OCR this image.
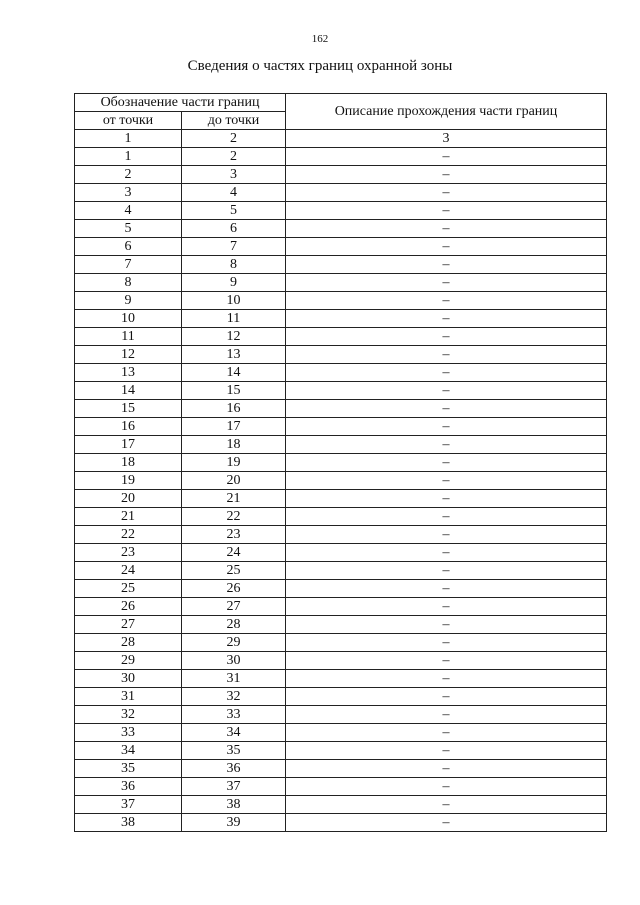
162
Сведения о частях границ охранной зоны
Обозначение части границ		Описание прохождения части границ
от точки	до точки	
1	2	3
1	2	–
2	3	–
3	4	–
4	5	–
5	6	–
6	7	–
7	8	–
8	9	–
9	10	–
10	11	–
11	12	–
12	13	–
13	14	–
14	15	–
15	16	–
16	17	–
17	18	–
18	19	–
19	20	–
20	21	–
21	22	–
22	23	–
23	24	–
24	25	–
25	26	–
26	27	–
27	28	–
28	29	–
29	30	–
30	31	–
31	32	–
32	33	–
33	34	–
34	35	–
35	36	–
36	37	–
37	38	–
38	39	–
